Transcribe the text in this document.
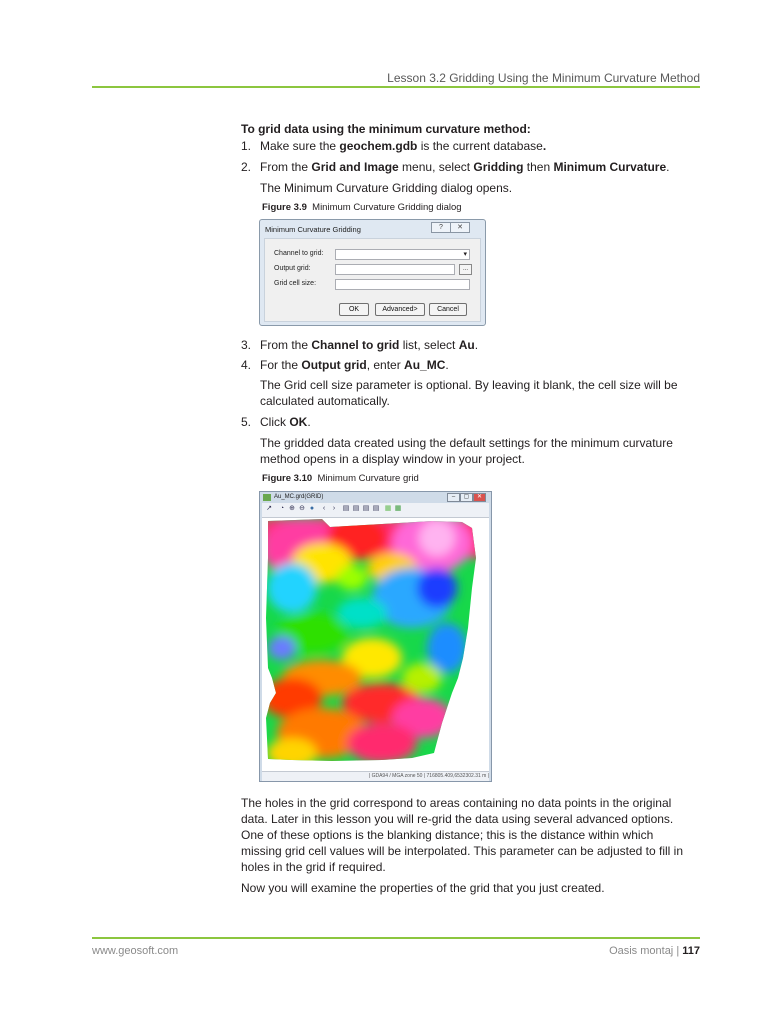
Lesson 3.2 Gridding Using the Minimum Curvature Method
To grid data using the minimum curvature method:
1. Make sure the geochem.gdb is the current database.
2. From the Grid and Image menu, select Gridding then Minimum Curvature.
The Minimum Curvature Gridding dialog opens.
Figure 3.9 Minimum Curvature Gridding dialog
Minimum Curvature Gridding	?	✕
Channel to grid:	▾
Output grid:	...
Grid cell size:
OK	Advanced>	Cancel
3. From the Channel to grid list, select Au.
4. For the Output grid, enter Au_MC.
The Grid cell size parameter is optional. By leaving it blank, the cell size will be
calculated automatically.
5. Click OK.
The gridded data created using the default settings for the minimum curvature
method opens in a display window in your project.
Figure 3.10 Minimum Curvature grid
Au_MC.grd(GRID)	–	▢	✕
↗ ◔ ⊕ ⊖ ●	‹	›	▤ ▤ ▤ ▤ ▦ ▦
| GDA94 / MGA zone 50 | 716805.409,6532302.31 m |
The holes in the grid correspond to areas containing no data points in the original
data. Later in this lesson you will re-grid the data using several advanced options.
One of these options is the blanking distance; this is the distance within which
missing grid cell values will be interpolated. This parameter can be adjusted to fill in
holes in the grid if required.
Now you will examine the properties of the grid that you just created.
www.geosoft.com	Oasis montaj | 117
